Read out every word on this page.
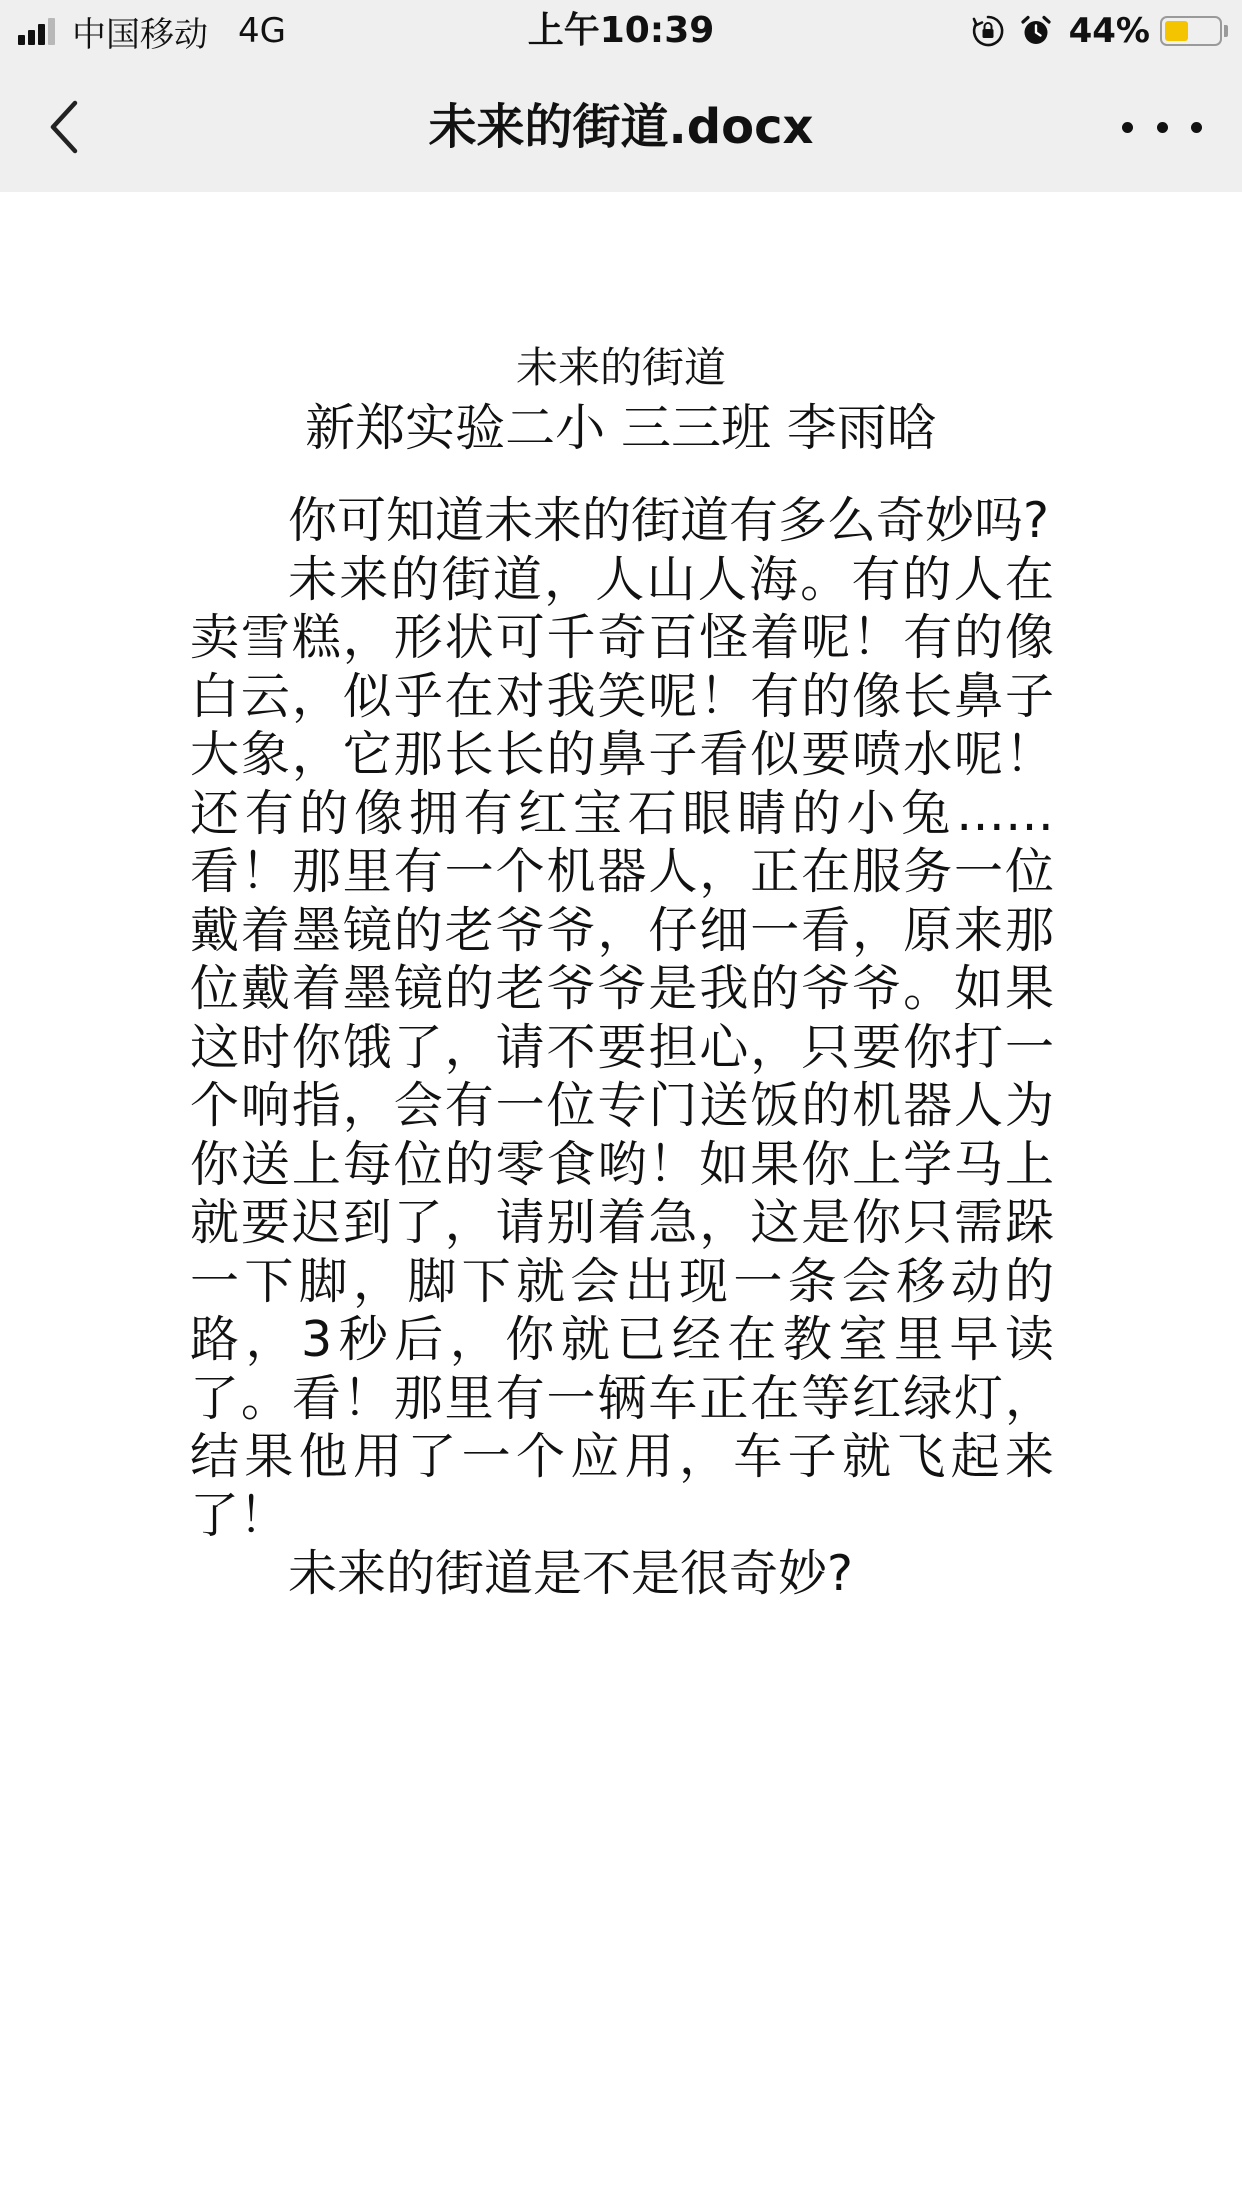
中国移动 4G	上午10:39	44%
未来的街道.docx
未来的街道
新郑实验二小 三三班 李雨晗

你可知道未来的街道有多么奇妙吗?

未来的街道，人山人海。有的人在卖雪糕，形状可千奇百怪着呢！有的像白云，似乎在对我笑呢！有的像长鼻子大象，它那长长的鼻子看似要喷水呢！还有的像拥有红宝石眼睛的小兔……看！那里有一个机器人，正在服务一位戴着墨镜的老爷爷，仔细一看，原来那位戴着墨镜的老爷爷是我的爷爷。如果这时你饿了，请不要担心，只要你打一个响指，会有一位专门送饭的机器人为你送上每位的零食哟！如果你上学马上就要迟到了，请别着急，这是你只需跺一下脚，脚下就会出现一条会移动的路，3秒后，你就已经在教室里早读了。看！那里有一辆车正在等红绿灯，结果他用了一个应用，车子就飞起来了！

未来的街道是不是很奇妙?
